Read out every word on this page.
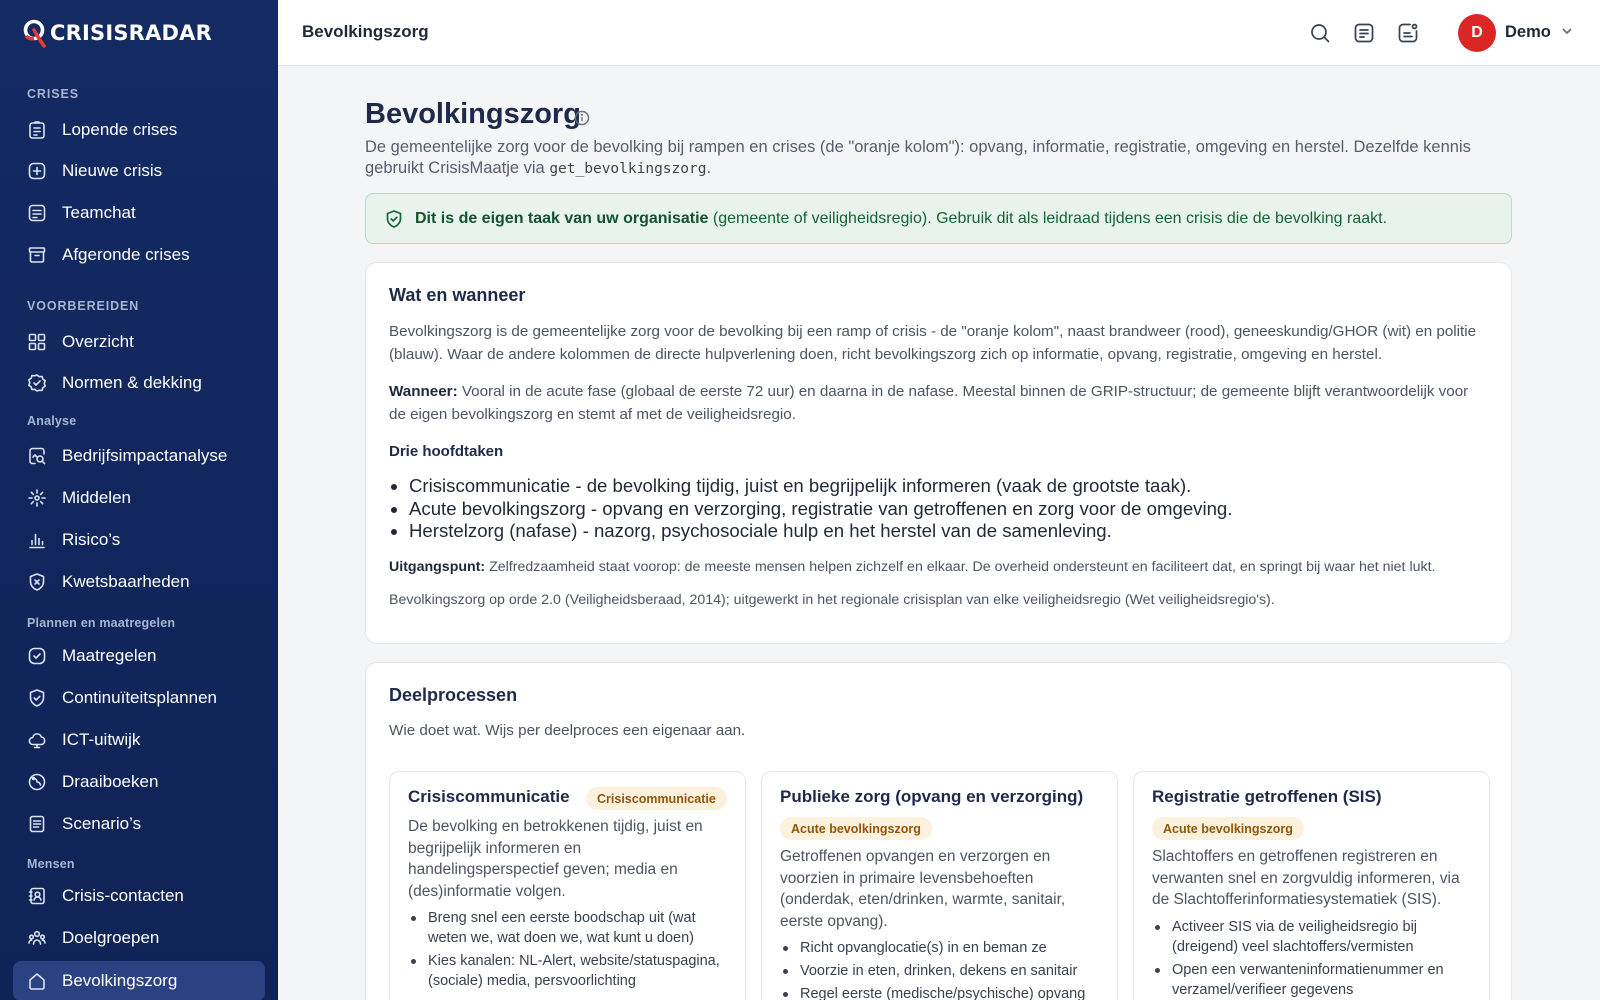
CRISISRADAR
CRISES
Lopende crises
Nieuwe crisis
Teamchat
Afgeronde crises
VOORBEREIDEN
Overzicht
Normen & dekking
Analyse
Bedrijfsimpactanalyse
Middelen
Risico’s
Kwetsbaarheden
Plannen en maatregelen
Maatregelen
Continuïteitsplannen
ICT-uitwijk
Draaiboeken
Scenario’s
Mensen
Crisis-contacten
Doelgroepen
Bevolkingszorg
Bevolkingszorg	D	Demo
Bevolkingszorg

De gemeentelijke zorg voor de bevolking bij rampen en crises (de "oranje kolom"): opvang, informatie, registratie, omgeving en herstel. Dezelfde kennis gebruikt CrisisMaatje via get_bevolkingszorg.

Dit is de eigen taak van uw organisatie (gemeente of veiligheidsregio). Gebruik dit als leidraad tijdens een crisis die de bevolking raakt.
Wat en wanneer

Bevolkingszorg is de gemeentelijke zorg voor de bevolking bij een ramp of crisis - de "oranje kolom", naast brandweer (rood), geneeskundig/GHOR (wit) en politie (blauw). Waar de andere kolommen de directe hulpverlening doen, richt bevolkingszorg zich op informatie, opvang, registratie, omgeving en herstel.

Wanneer: Vooral in de acute fase (globaal de eerste 72 uur) en daarna in de nafase. Meestal binnen de GRIP-structuur; de gemeente blijft verantwoordelijk voor de eigen bevolkingszorg en stemt af met de veiligheidsregio.

Drie hoofdtaken
Crisiscommunicatie - de bevolking tijdig, juist en begrijpelijk informeren (vaak de grootste taak).
Acute bevolkingszorg - opvang en verzorging, registratie van getroffenen en zorg voor de omgeving.
Herstelzorg (nafase) - nazorg, psychosociale hulp en het herstel van de samenleving.

Uitgangspunt: Zelfredzaamheid staat voorop: de meeste mensen helpen zichzelf en elkaar. De overheid ondersteunt en faciliteert dat, en springt bij waar het niet lukt.

Bevolkingszorg op orde 2.0 (Veiligheidsberaad, 2014); uitgewerkt in het regionale crisisplan van elke veiligheidsregio (Wet veiligheidsregio's).

Deelprocessen

Wie doet wat. Wijs per deelproces een eigenaar aan.

Crisiscommunicatie	Crisiscommunicatie

De bevolking en betrokkenen tijdig, juist en begrijpelijk informeren en handelingsperspectief geven; media en (des)informatie volgen.

Breng snel een eerste boodschap uit (wat weten we, wat doen we, wat kunt u doen)
Kies kanalen: NL-Alert, website/statuspagina, (sociale) media, persvoorlichting
Publieke zorg (opvang en verzorging)
Acute bevolkingszorg

Getroffenen opvangen en verzorgen en voorzien in primaire levensbehoeften (onderdak, eten/drinken, warmte, sanitair, eerste opvang).

Richt opvanglocatie(s) in en beman ze
Voorzie in eten, drinken, dekens en sanitair
Regel eerste (medische/psychische) opvang
Registratie getroffenen (SIS)
Acute bevolkingszorg

Slachtoffers en getroffenen registreren en verwanten snel en zorgvuldig informeren, via de Slachtofferinformatiesystematiek (SIS).

Activeer SIS via de veiligheidsregio bij (dreigend) veel slachtoffers/vermisten
Open een verwanteninformatienummer en verzamel/verifieer gegevens
